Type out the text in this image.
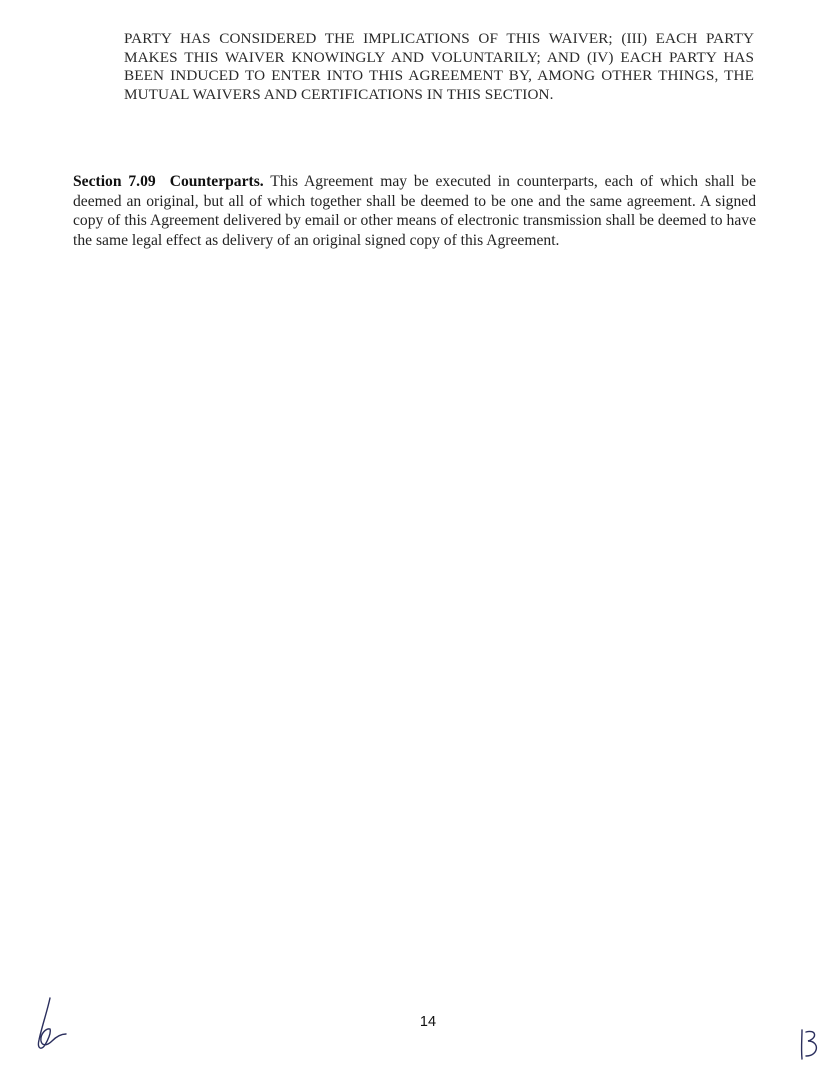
PARTY HAS CONSIDERED THE IMPLICATIONS OF THIS WAIVER; (III) EACH PARTY MAKES THIS WAIVER KNOWINGLY AND VOLUNTARILY; AND (IV) EACH PARTY HAS BEEN INDUCED TO ENTER INTO THIS AGREEMENT BY, AMONG OTHER THINGS, THE MUTUAL WAIVERS AND CERTIFICATIONS IN THIS SECTION.
Section 7.09 Counterparts. This Agreement may be executed in counterparts, each of which shall be deemed an original, but all of which together shall be deemed to be one and the same agreement. A signed copy of this Agreement delivered by email or other means of electronic transmission shall be deemed to have the same legal effect as delivery of an original signed copy of this Agreement.
14
